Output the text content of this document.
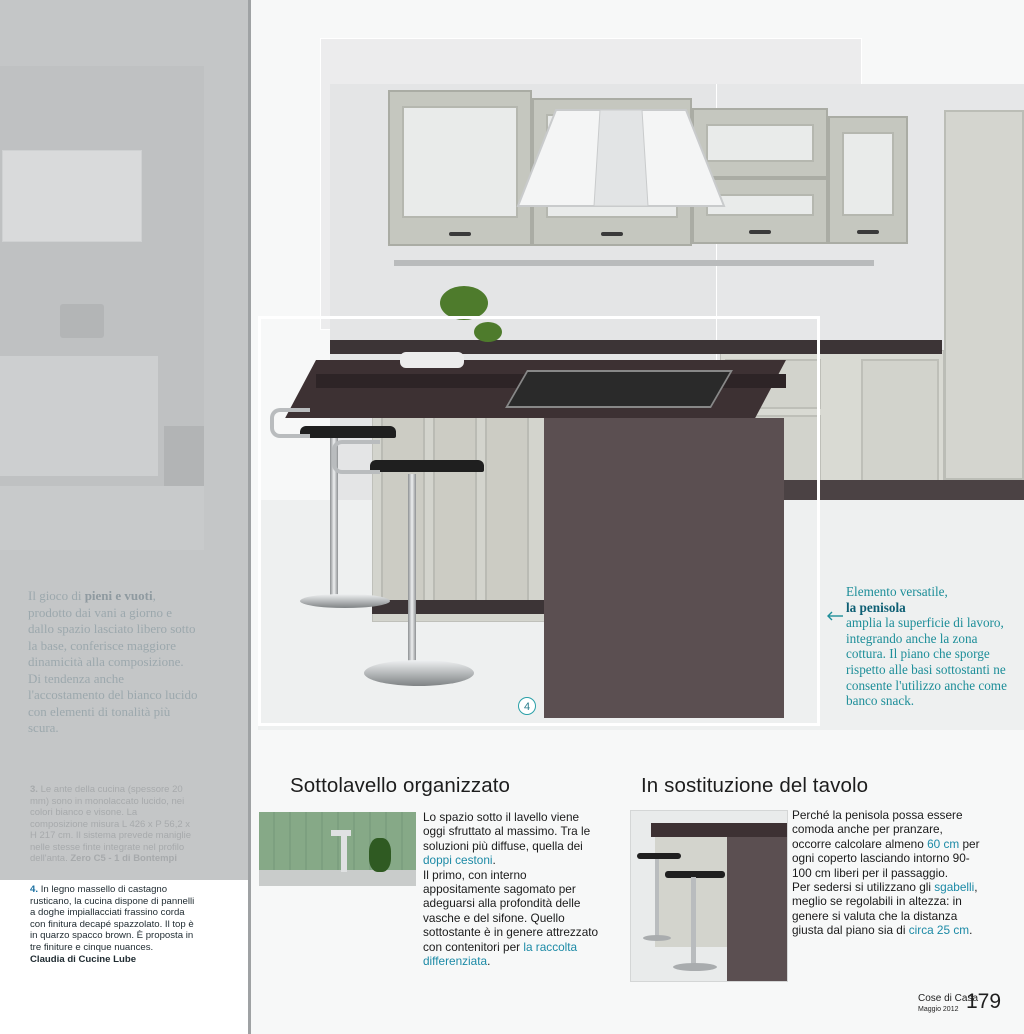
Il gioco di pieni e vuoti, prodotto dai vani a giorno e dallo spazio lasciato libero sotto la base, conferisce maggiore dinamicità alla composizione. Di tendenza anche l'accostamento del bianco lucido con elementi di tonalità più scura.
3. Le ante della cucina (spessore 20 mm) sono in monolaccato lucido, nei colori bianco e visone. La composizione misura L 426 x P 56,2 x H 217 cm. Il sistema prevede maniglie nelle stesse finte integrate nel profilo dell'anta. Zero C5 - 1 di Bontempi
4. In legno massello di castagno rusticano, la cucina dispone di pannelli a doghe impiallacciati frassino corda con finitura decapé spazzolato. Il top è in quarzo spacco brown. È proposta in tre finiture e cinque nuances.
Claudia di Cucine Lube
4
Elemento versatile,
la penisola
amplia la superficie di lavoro, integrando anche la zona cottura. Il piano che sporge rispetto alle basi sottostanti ne consente l'utilizzo anche come banco snack.
Sottolavello organizzato
Lo spazio sotto il lavello viene oggi sfruttato al massimo. Tra le soluzioni più diffuse, quella dei doppi cestoni.
Il primo, con interno appositamente sagomato per adeguarsi alla profondità delle vasche e del sifone. Quello sottostante è in genere attrezzato con contenitori per la raccolta differenziata.
In sostituzione del tavolo
Perché la penisola possa essere comoda anche per pranzare, occorre calcolare almeno 60 cm per ogni coperto lasciando intorno 90-100 cm liberi per il passaggio.
Per sedersi si utilizzano gli sgabelli, meglio se regolabili in altezza: in genere si valuta che la distanza giusta dal piano sia di circa 25 cm.
Cose di Casa
Maggio 2012 179
